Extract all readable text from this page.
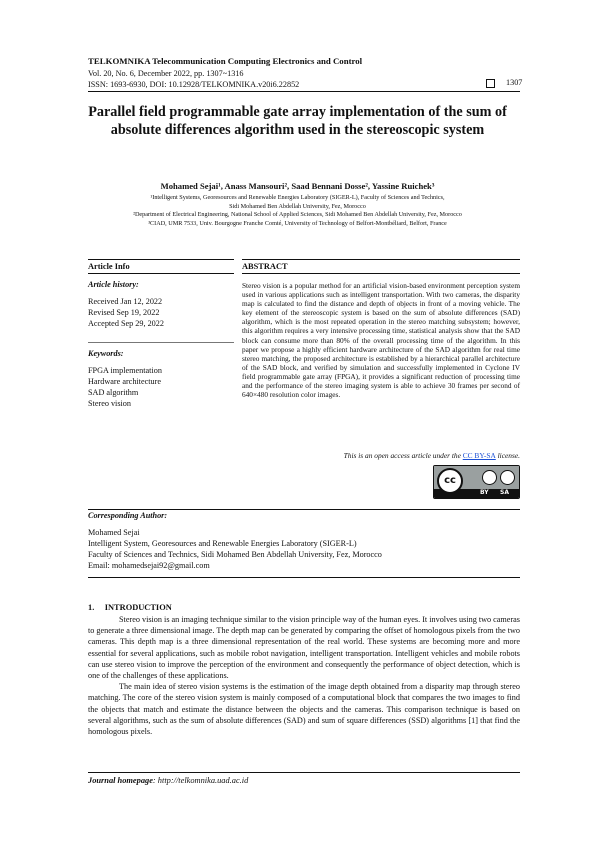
TELKOMNIKA Telecommunication Computing Electronics and Control
Vol. 20, No. 6, December 2022, pp. 1307~1316
ISSN: 1693-6930, DOI: 10.12928/TELKOMNIKA.v20i6.22852	1307
Parallel field programmable gate array implementation of the sum of absolute differences algorithm used in the stereoscopic system
Mohamed Sejai¹, Anass Mansouri², Saad Bennani Dosse², Yassine Ruichek³
¹Intelligent Systems, Georesources and Renewable Energies Laboratory (SIGER-L), Faculty of Sciences and Technics,
Sidi Mohamed Ben Abdellah University, Fez, Morocco
²Department of Electrical Engineering, National School of Applied Sciences, Sidi Mohamed Ben Abdellah University, Fez, Morocco
³CIAD, UMR 7533, Univ. Bourgogne Franche Comté, University of Technology of Belfort-Montbéliard, Belfort, France
Article Info	ABSTRACT
Article history:
Received Jan 12, 2022
Revised Sep 19, 2022
Accepted Sep 29, 2022
Keywords:
FPGA implementation
Hardware architecture
SAD algorithm
Stereo vision
Stereo vision is a popular method for an artificial vision-based environment perception system used in various applications such as intelligent transportation. With two cameras, the disparity map is calculated to find the distance and depth of objects in front of a moving vehicle. The key element of the stereoscopic system is based on the sum of absolute differences (SAD) algorithm, which is the most repeated operation in the stereo matching subsystem; however, this algorithm requires a very intensive processing time, statistical analysis show that the SAD block can consume more than 80% of the overall processing time of the algorithm. In this paper we propose a highly efficient hardware architecture of the SAD algorithm for real time stereo matching, the proposed architecture is established by a hierarchical parallel architecture of the SAD block, and verified by simulation and successfully implemented in Cyclone IV field programmable gate array (FPGA), it provides a significant reduction of processing time and the performance of the stereo imaging system is able to achieve 30 frames per second of 640×480 resolution color images.
This is an open access article under the CC BY-SA license.
cc
BY SA
Corresponding Author:
Mohamed Sejai
Intelligent System, Georesources and Renewable Energies Laboratory (SIGER-L)
Faculty of Sciences and Technics, Sidi Mohamed Ben Abdellah University, Fez, Morocco
Email: mohamedsejai92@gmail.com
1.     INTRODUCTION

Stereo vision is an imaging technique similar to the vision principle way of the human eyes. It involves using two cameras to generate a three dimensional image. The depth map can be generated by comparing the offset of homologous pixels from the two cameras. This depth map is a three dimensional representation of the real world. These systems are becoming more and more essential for several applications, such as mobile robot navigation, intelligent transportation. Intelligent vehicles and mobile robots can use stereo vision to improve the perception of the environment and consequently the performance of object detection, which is one of the challenges of these applications.

The main idea of stereo vision systems is the estimation of the image depth obtained from a disparity map through stereo matching. The core of the stereo vision system is mainly composed of a computational block that compares the two images to find the objects that match and estimate the distance between the objects and the cameras. This comparison technique is based on several algorithms, such as the sum of absolute differences (SAD) and sum of square differences (SSD) algorithms [1] that find the homologous pixels.

Journal homepage: http://telkomnika.uad.ac.id
